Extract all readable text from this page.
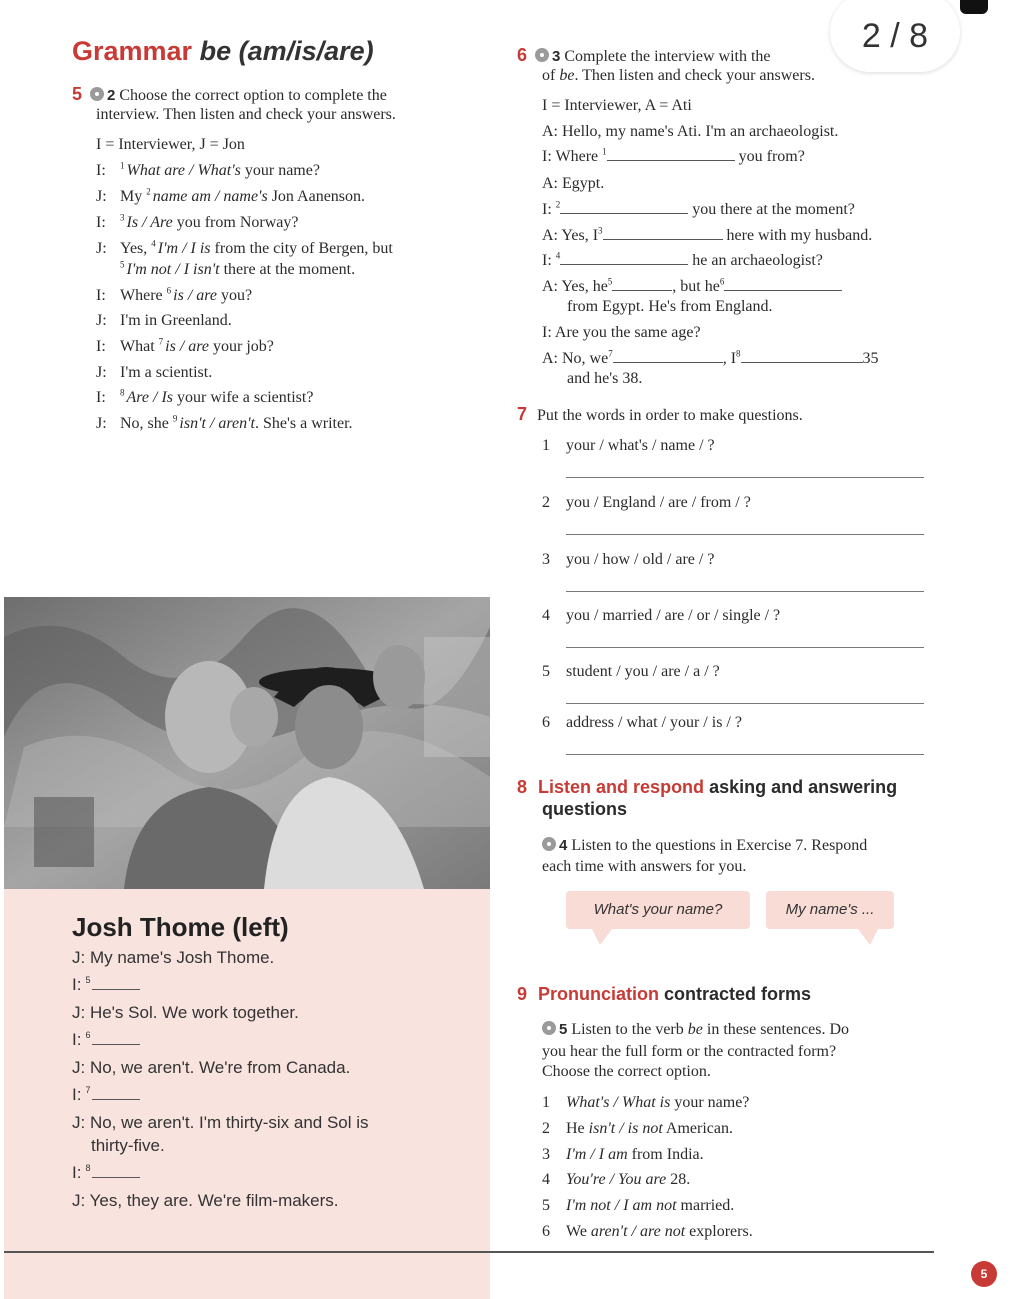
2 / 8
Grammar be (am/is/are)
5 2 Choose the correct option to complete the
interview. Then listen and check your answers.
I = Interviewer, J = Jon
I: $^1$ What are / What's your name?
J: My $^2$ name am / name's Jon Aanenson.
I: $^3$ Is / Are you from Norway?
J: Yes, $^4$ I'm / I is from the city of Bergen, but
$^5$ I'm not / I isn't there at the moment.
I: Where $^6$ is / are you?
J: I'm in Greenland.
I: What $^7$ is / are your job?
J: I'm a scientist.
I: $^8$ Are / Is your wife a scientist?
J: No, she $^9$ isn't / aren't. She's a writer.
6 3 Complete the interview with the
of be. Then listen and check your answers.
I = Interviewer, A = Ati
A: Hello, my name's Ati. I'm an archaeologist.
I: Where $^1$	you from?
A: Egypt.
I: $^2$	you there at the moment?
A: Yes, $I^3$	here with my husband.
I: $^4$	he an archaeologist?
A: Yes, $he^5$	, but $he^6$
from Egypt. He's from England.
I: Are you the same age?
A: No, $we^7$	, $I^8$	35
and he's 38.
7 Put the words in order to make questions.
1 your / what's / name / ?
2 you / England / are / from / ?
3 you / how / old / are / ?
4 you / married / are / or / single / ?
5 student / you / are / a / ?
6 address / what / your / is / ?
8 Listen and respond asking and answering
questions
4 Listen to the questions in Exercise 7. Respond
each time with answers for you.
What's your name?	My name's ...
9 Pronunciation contracted forms
5 Listen to the verb be in these sentences. Do
you hear the full form or the contracted form?
Choose the correct option.
1 What's / What is your name?
2 He isn't / is not American.
3 I'm / I am from India.
4 You're / You are 28.
5 I'm not / I am not married.
6 We aren't / are not explorers.
Josh Thome (left)
J: My name's Josh Thome.
I: $^5$
J: He's Sol. We work together.
I: $^6$
J: No, we aren't. We're from Canada.
I: $^7$
J: No, we aren't. I'm thirty-six and Sol is
thirty-five.
I: $^8$
J: Yes, they are. We're film-makers.
5
